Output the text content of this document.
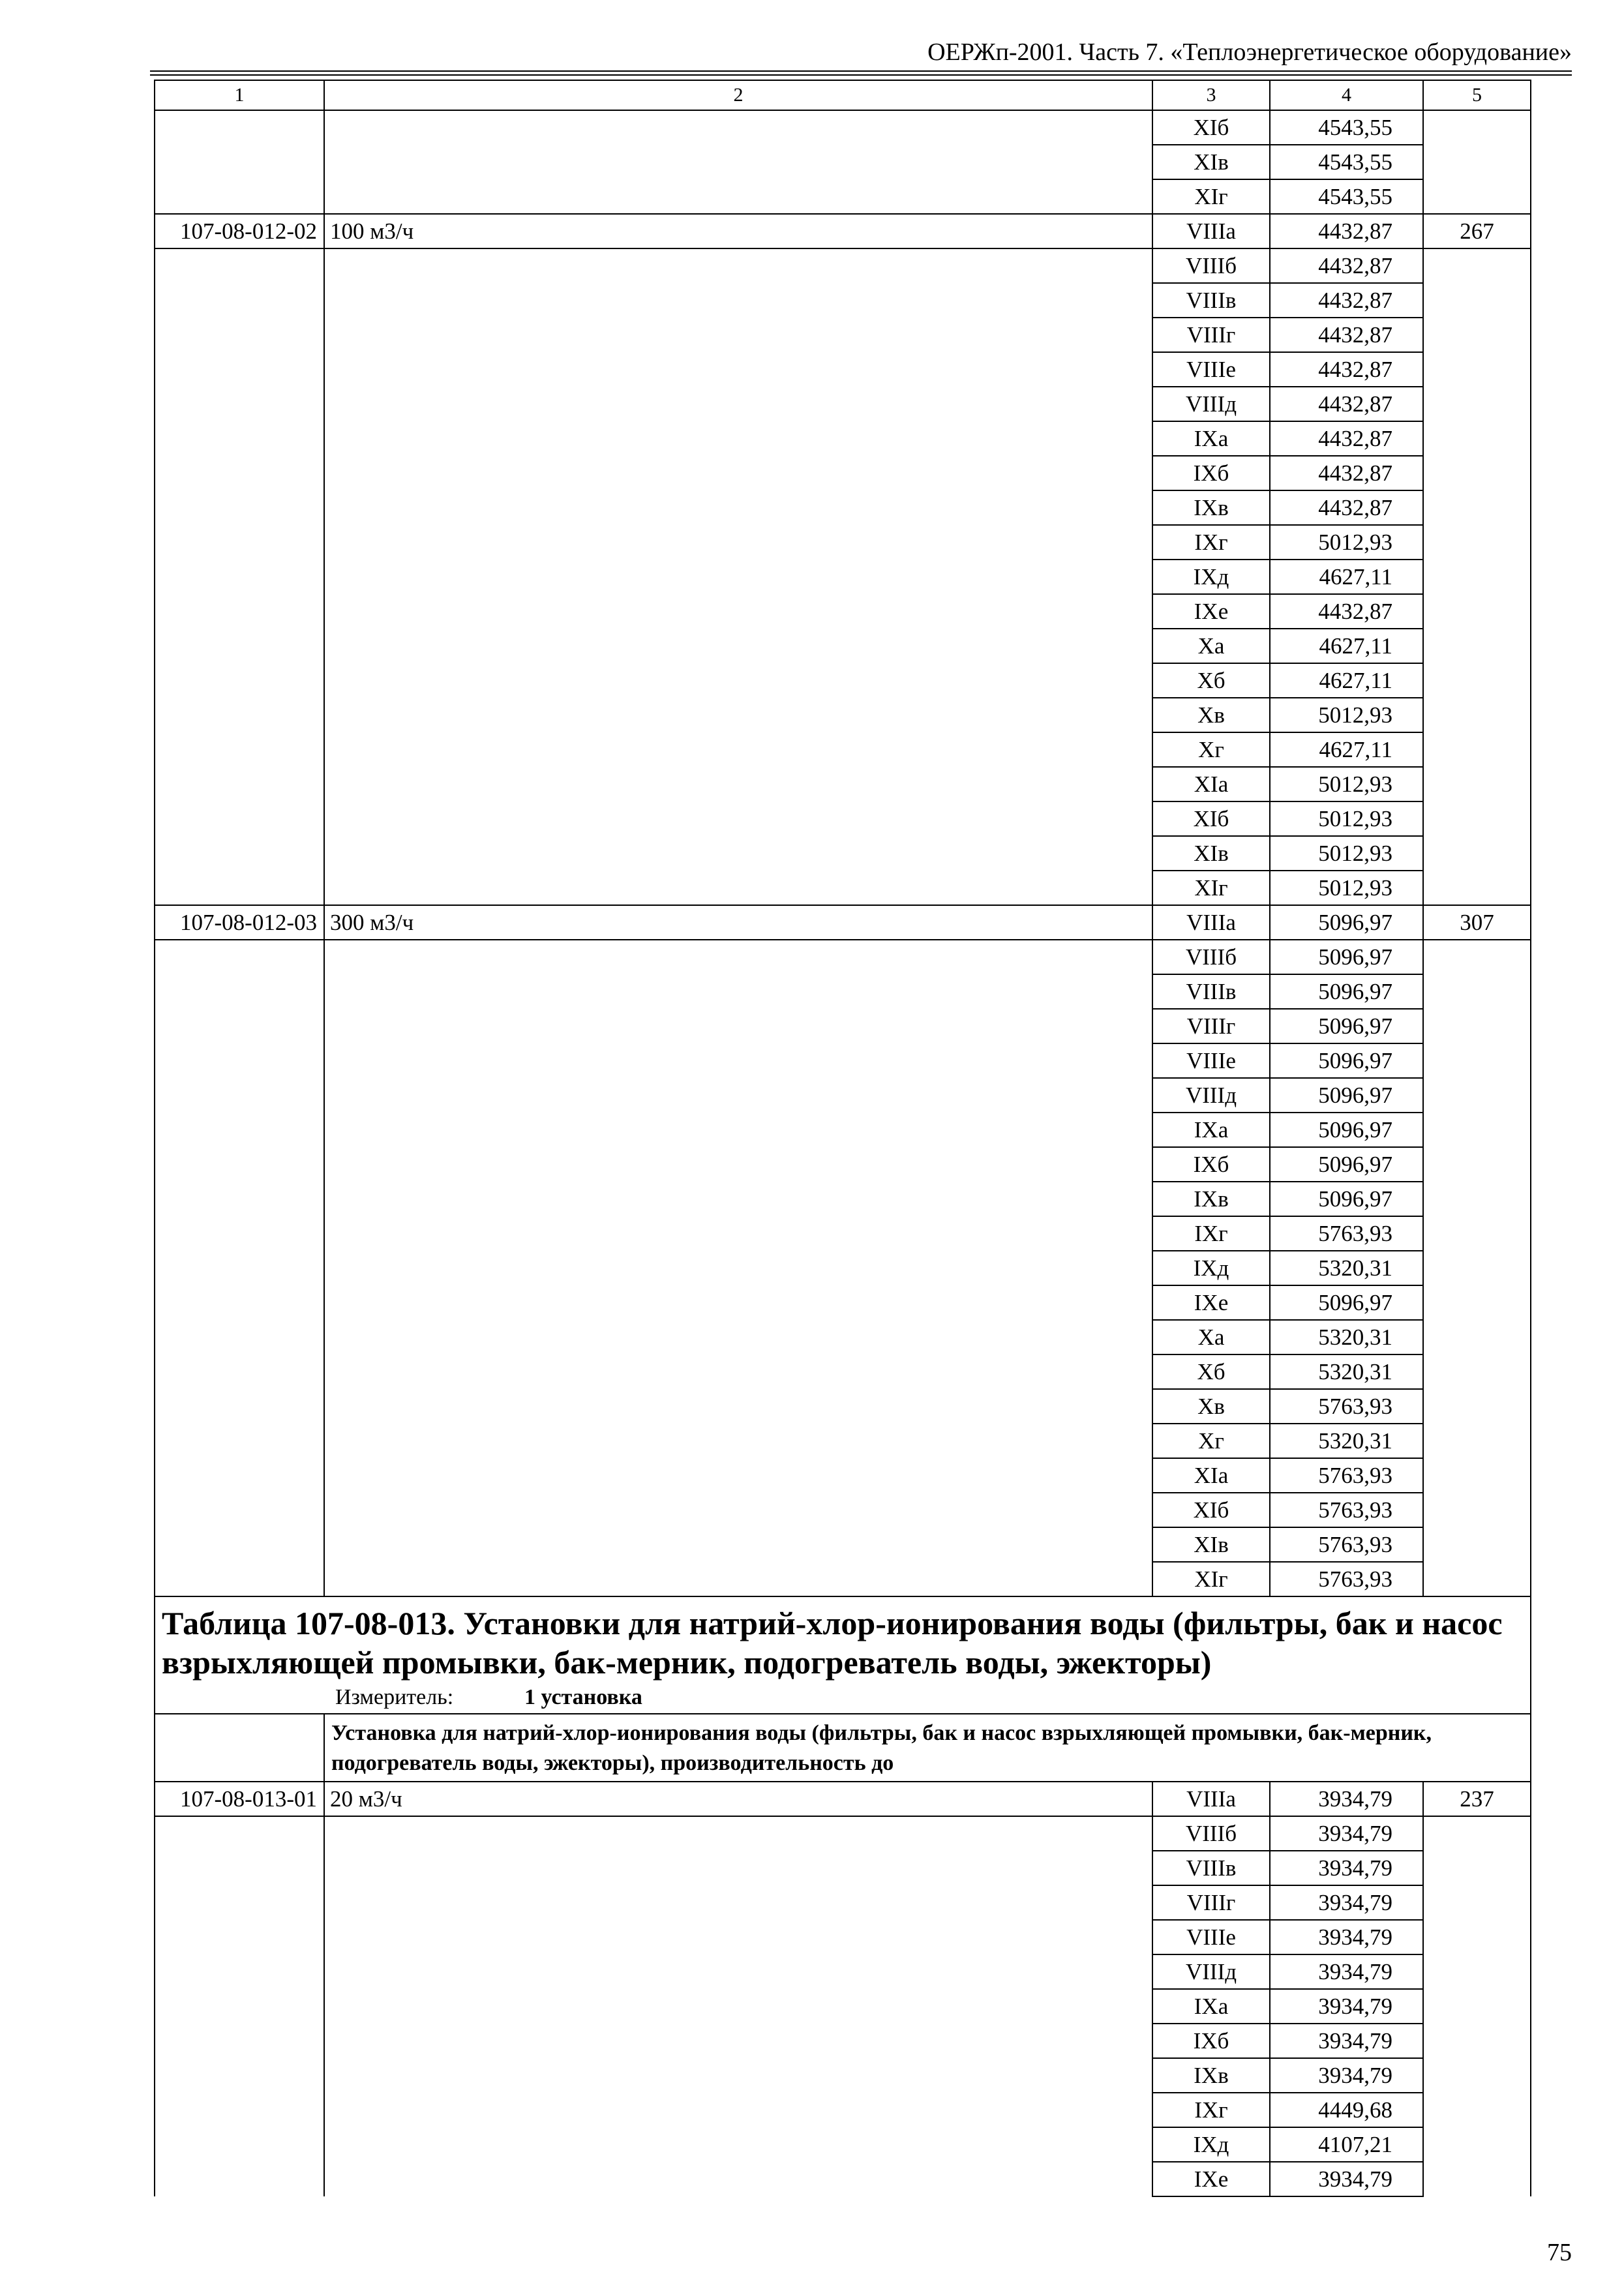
ОЕРЖп-2001. Часть 7. «Теплоэнергетическое оборудование»
1	2	3	4	5
		XIб	4543,55	
		XIв	4543,55	
		XIг	4543,55	
107-08-012-02	100 м3/ч	VIIIа	4432,87	267
		VIIIб	4432,87	
		VIIIв	4432,87	
		VIIIг	4432,87	
		VIIIе	4432,87	
		VIIIд	4432,87	
		IXа	4432,87	
		IXб	4432,87	
		IXв	4432,87	
		IXг	5012,93	
		IXд	4627,11	
		IXе	4432,87	
		Xа	4627,11	
		Xб	4627,11	
		Xв	5012,93	
		Xг	4627,11	
		XIа	5012,93	
		XIб	5012,93	
		XIв	5012,93	
		XIг	5012,93	
107-08-012-03	300 м3/ч	VIIIа	5096,97	307
		VIIIб	5096,97	
		VIIIв	5096,97	
		VIIIг	5096,97	
		VIIIе	5096,97	
		VIIIд	5096,97	
		IXа	5096,97	
		IXб	5096,97	
		IXв	5096,97	
		IXг	5763,93	
		IXд	5320,31	
		IXе	5096,97	
		Xа	5320,31	
		Xб	5320,31	
		Xв	5763,93	
		Xг	5320,31	
		XIа	5763,93	
		XIб	5763,93	
		XIв	5763,93	
		XIг	5763,93	

Таблица 107-08-013. Установки для натрий-хлор-ионирования воды (фильтры, бак и насос взрыхляющей промывки, бак-мерник, подогреватель воды, эжекторы)
Измеритель: 1 установка				

	Установка для натрий-хлор-ионирования воды (фильтры, бак и насос взрыхляющей промывки, бак-мерник, подогреватель воды, эжекторы), производительность до			
107-08-013-01	20 м3/ч	VIIIа	3934,79	237
		VIIIб	3934,79	
		VIIIв	3934,79	
		VIIIг	3934,79	
		VIIIе	3934,79	
		VIIIд	3934,79	
		IXа	3934,79	
		IXб	3934,79	
		IXв	3934,79	
		IXг	4449,68	
		IXд	4107,21	
		IXе	3934,79	
75
